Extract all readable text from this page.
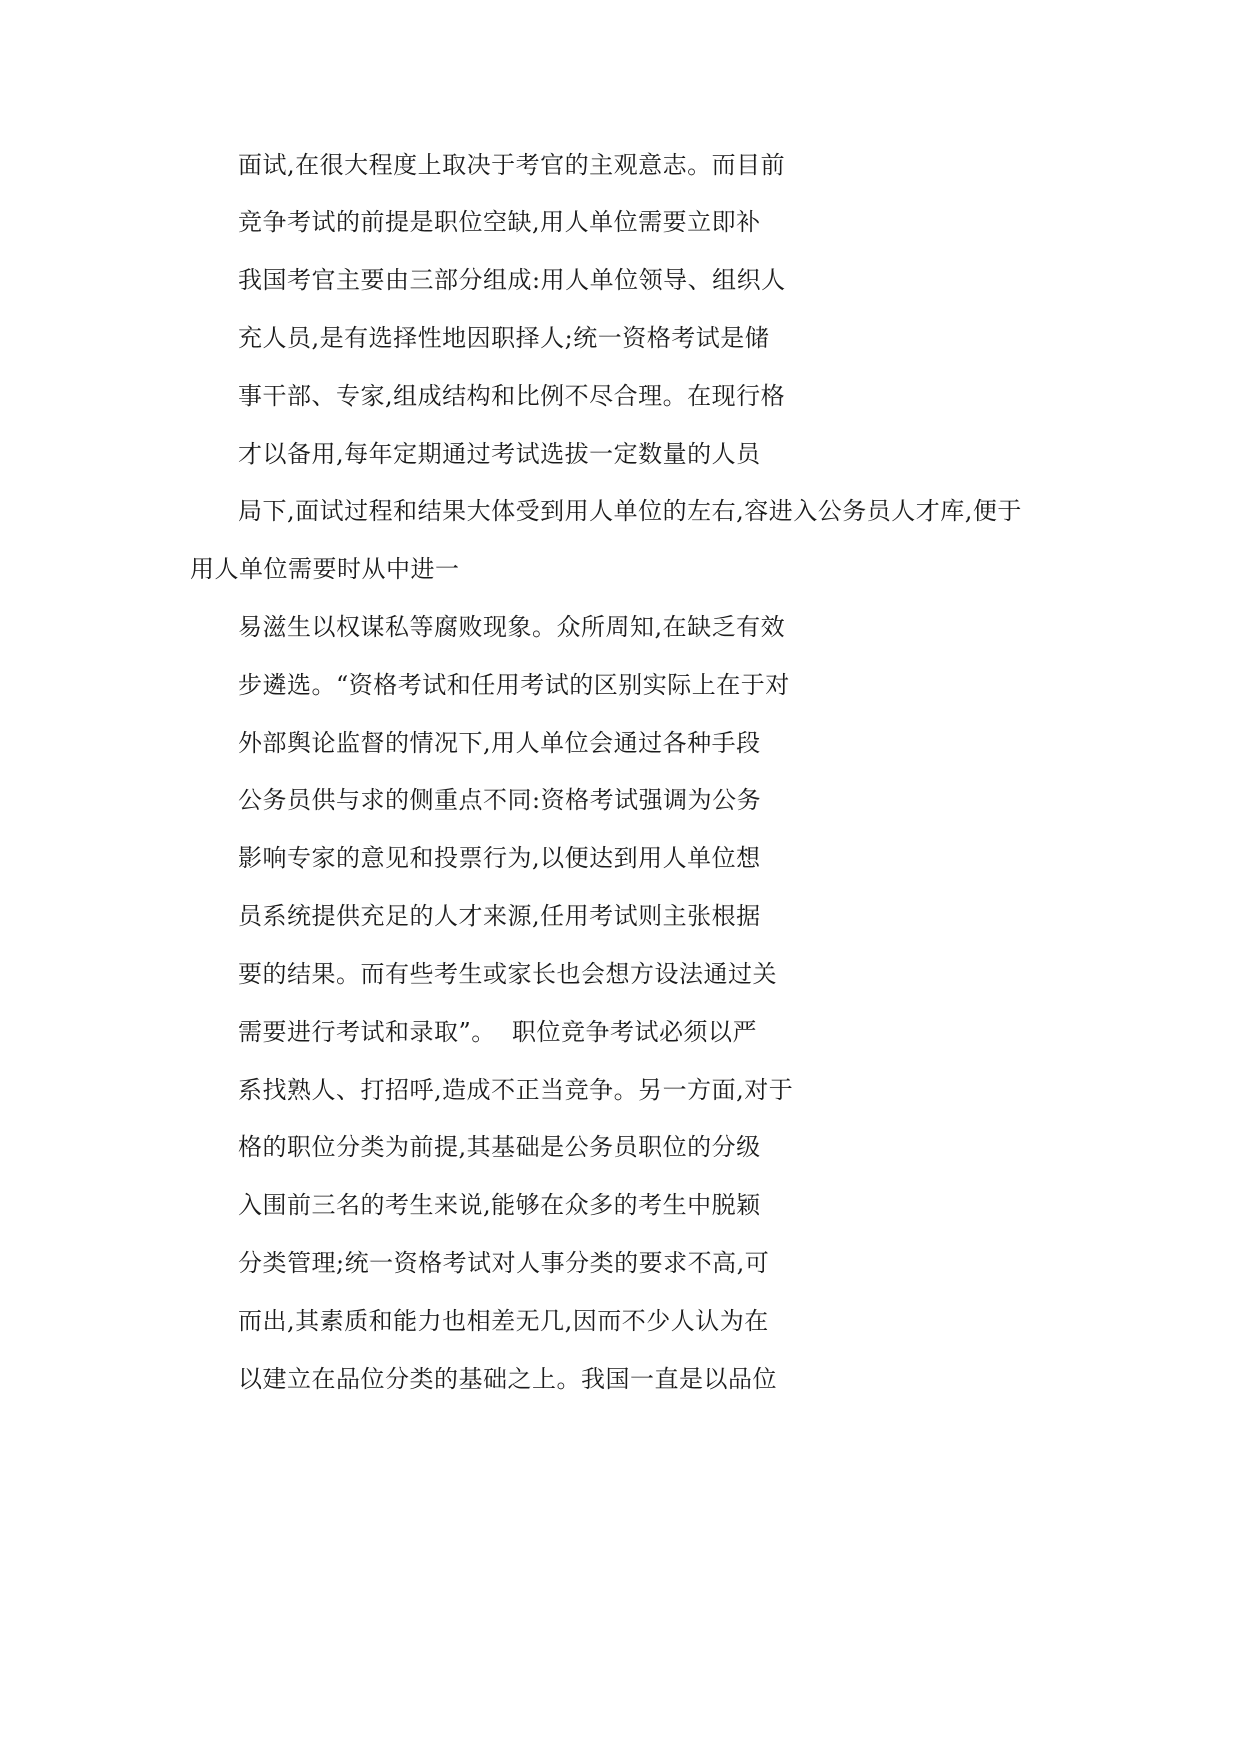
面试,在很大程度上取决于考官的主观意志。而目前
竞争考试的前提是职位空缺,用人单位需要立即补
我国考官主要由三部分组成:用人单位领导、组织人
充人员,是有选择性地因职择人;统一资格考试是储
事干部、专家,组成结构和比例不尽合理。在现行格
才以备用,每年定期通过考试选拔一定数量的人员
局下,面试过程和结果大体受到用人单位的左右,容进入公务员人才库,便于
用人单位需要时从中进一
易滋生以权谋私等腐败现象。众所周知,在缺乏有效
步遴选。“资格考试和任用考试的区别实际上在于对
外部舆论监督的情况下,用人单位会通过各种手段
公务员供与求的侧重点不同:资格考试强调为公务
影响专家的意见和投票行为,以便达到用人单位想
员系统提供充足的人才来源,任用考试则主张根据
要的结果。而有些考生或家长也会想方设法通过关
需要进行考试和录取”。  职位竞争考试必须以严
系找熟人、打招呼,造成不正当竞争。另一方面,对于
格的职位分类为前提,其基础是公务员职位的分级
入围前三名的考生来说,能够在众多的考生中脱颖
分类管理;统一资格考试对人事分类的要求不高,可
而出,其素质和能力也相差无几,因而不少人认为在
以建立在品位分类的基础之上。我国一直是以品位
